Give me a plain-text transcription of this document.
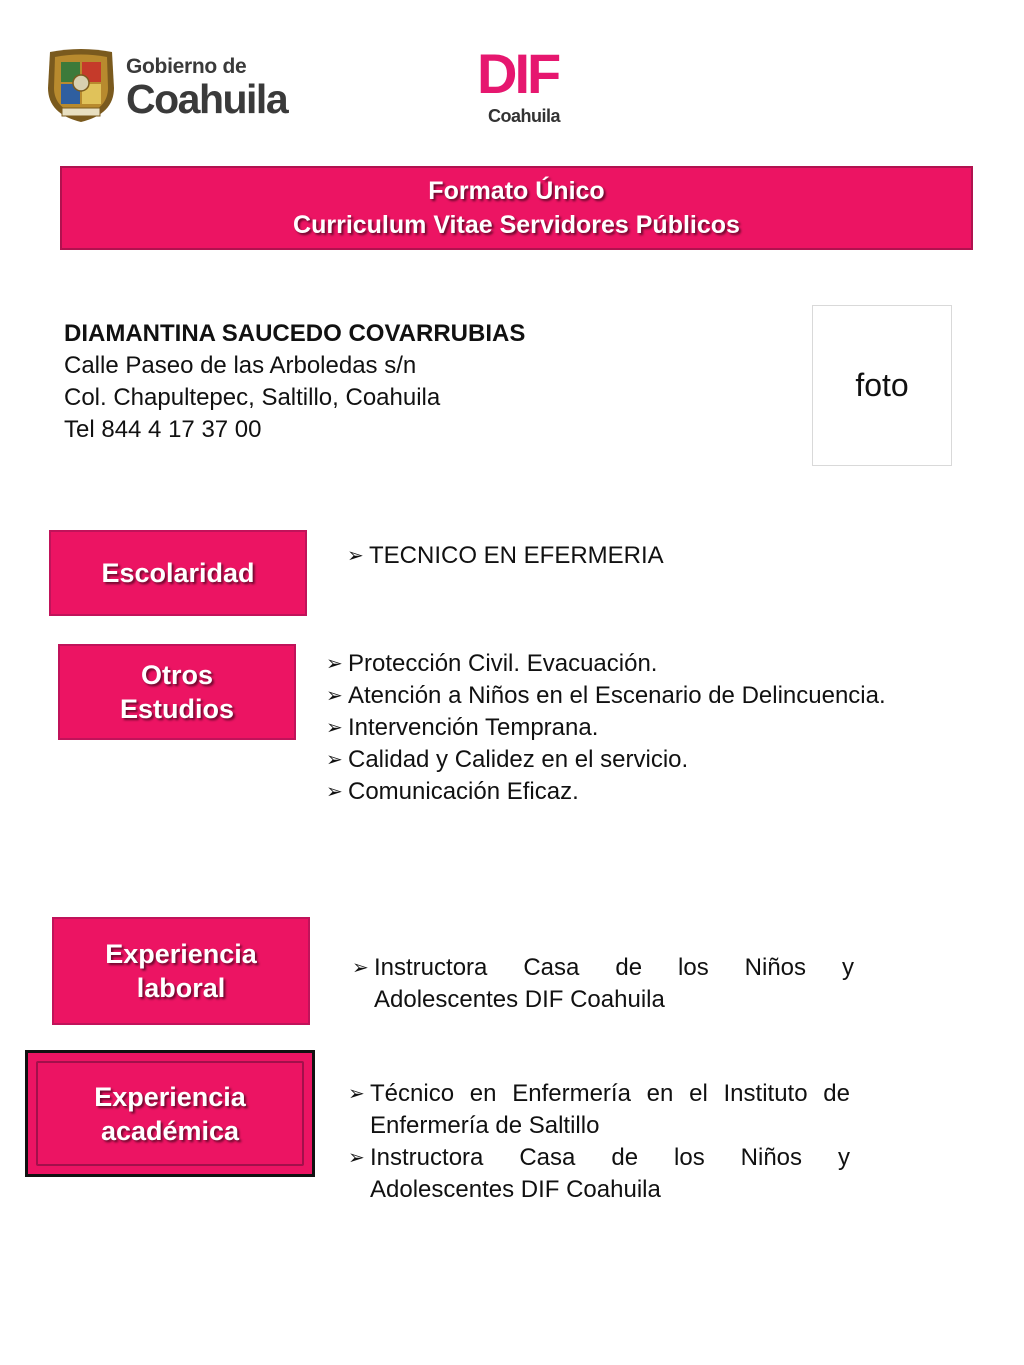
Gobierno de
Coahuila	DIF
Coahuila
Formato Único
Curriculum Vitae Servidores Públicos
DIAMANTINA SAUCEDO COVARRUBIAS
Calle Paseo de las Arboledas s/n
Col. Chapultepec, Saltillo, Coahuila
Tel 844 4 17 37 00
foto
Escolaridad
➢ TECNICO EN EFERMERIA
Otros
Estudios
➢ Protección Civil. Evacuación.
➢ Atención a Niños en el Escenario de Delincuencia.
➢ Intervención Temprana.
➢ Calidad y Calidez en el servicio.
➢ Comunicación Eficaz.
Experiencia
laboral
➢ Instructora Casa de los Niños y Adolescentes DIF Coahuila
Experiencia
académica
➢ Técnico en Enfermería en el Instituto de Enfermería de Saltillo
➢ Instructora Casa de los Niños y Adolescentes DIF Coahuila
